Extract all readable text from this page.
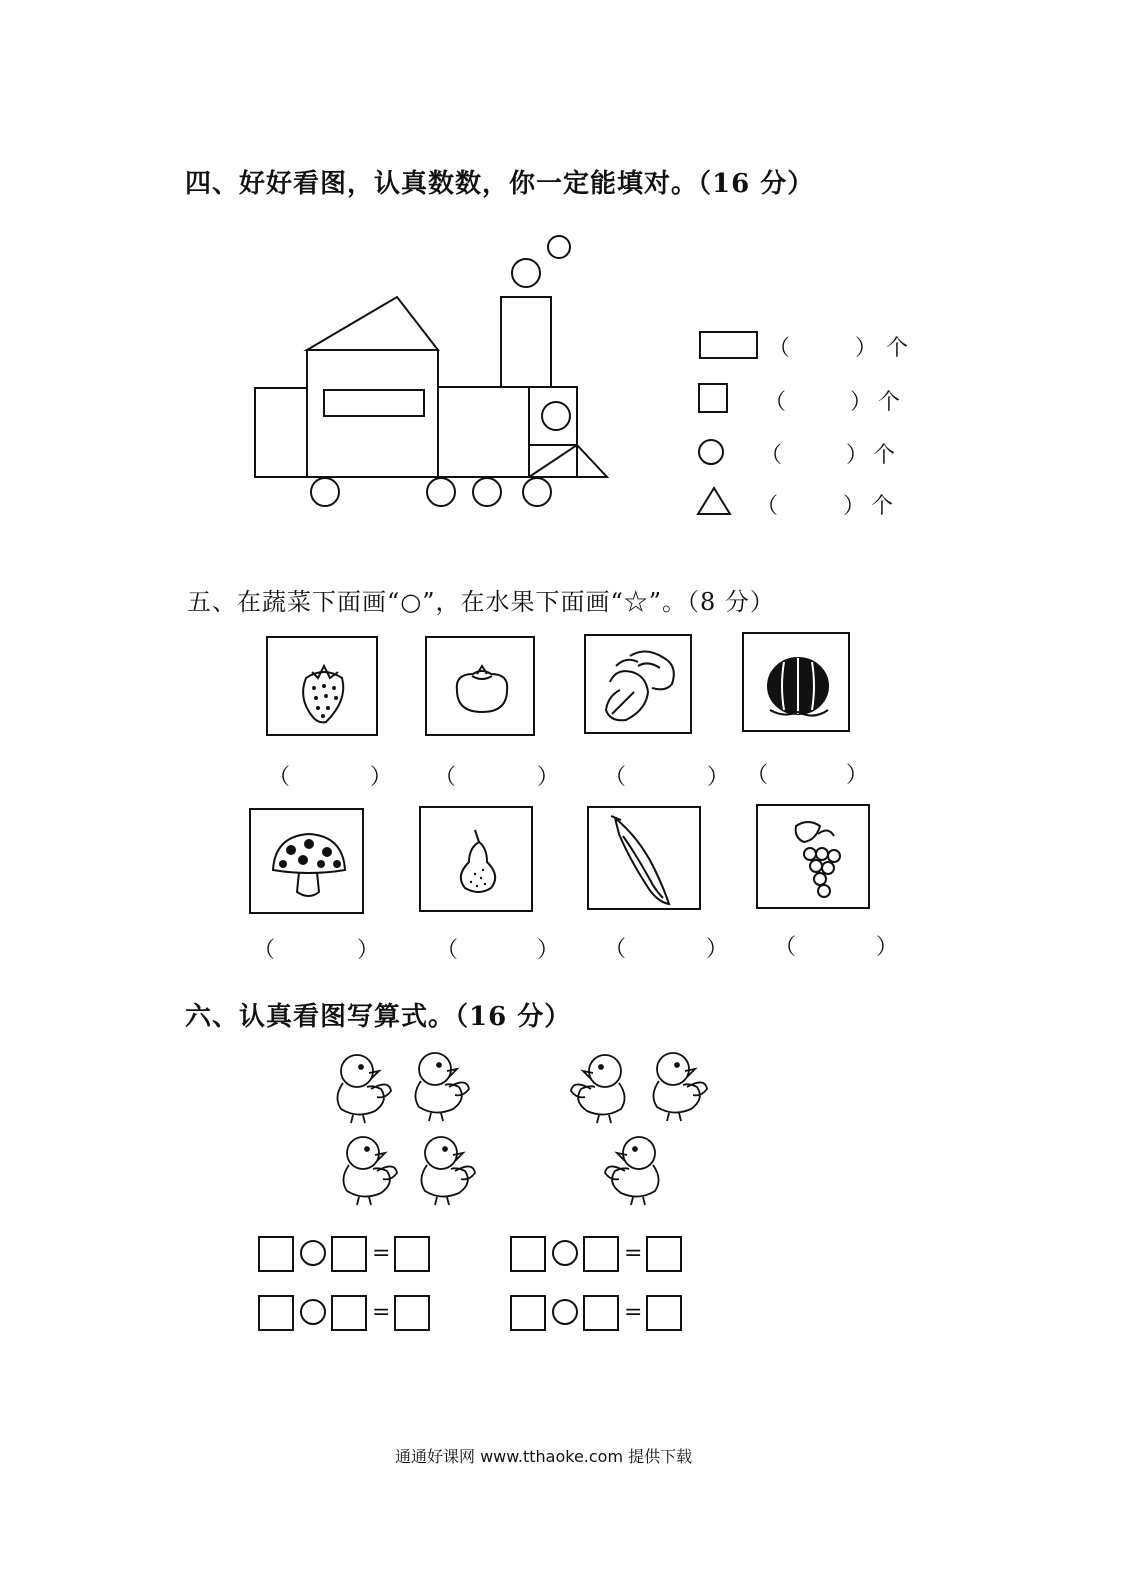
四、好好看图，认真数数，你一定能填对。（16 分）
（	） 个
（	） 个
（	） 个
（	） 个
五、在蔬菜下面画“○”，在水果下面画“☆”。（8 分）
（	） （	） （	） （	）
（	）	（	） （	） （	）
六、认真看图写算式。（16 分）
=	=
=	=
通通好课网 www.tthaoke.com 提供下载
